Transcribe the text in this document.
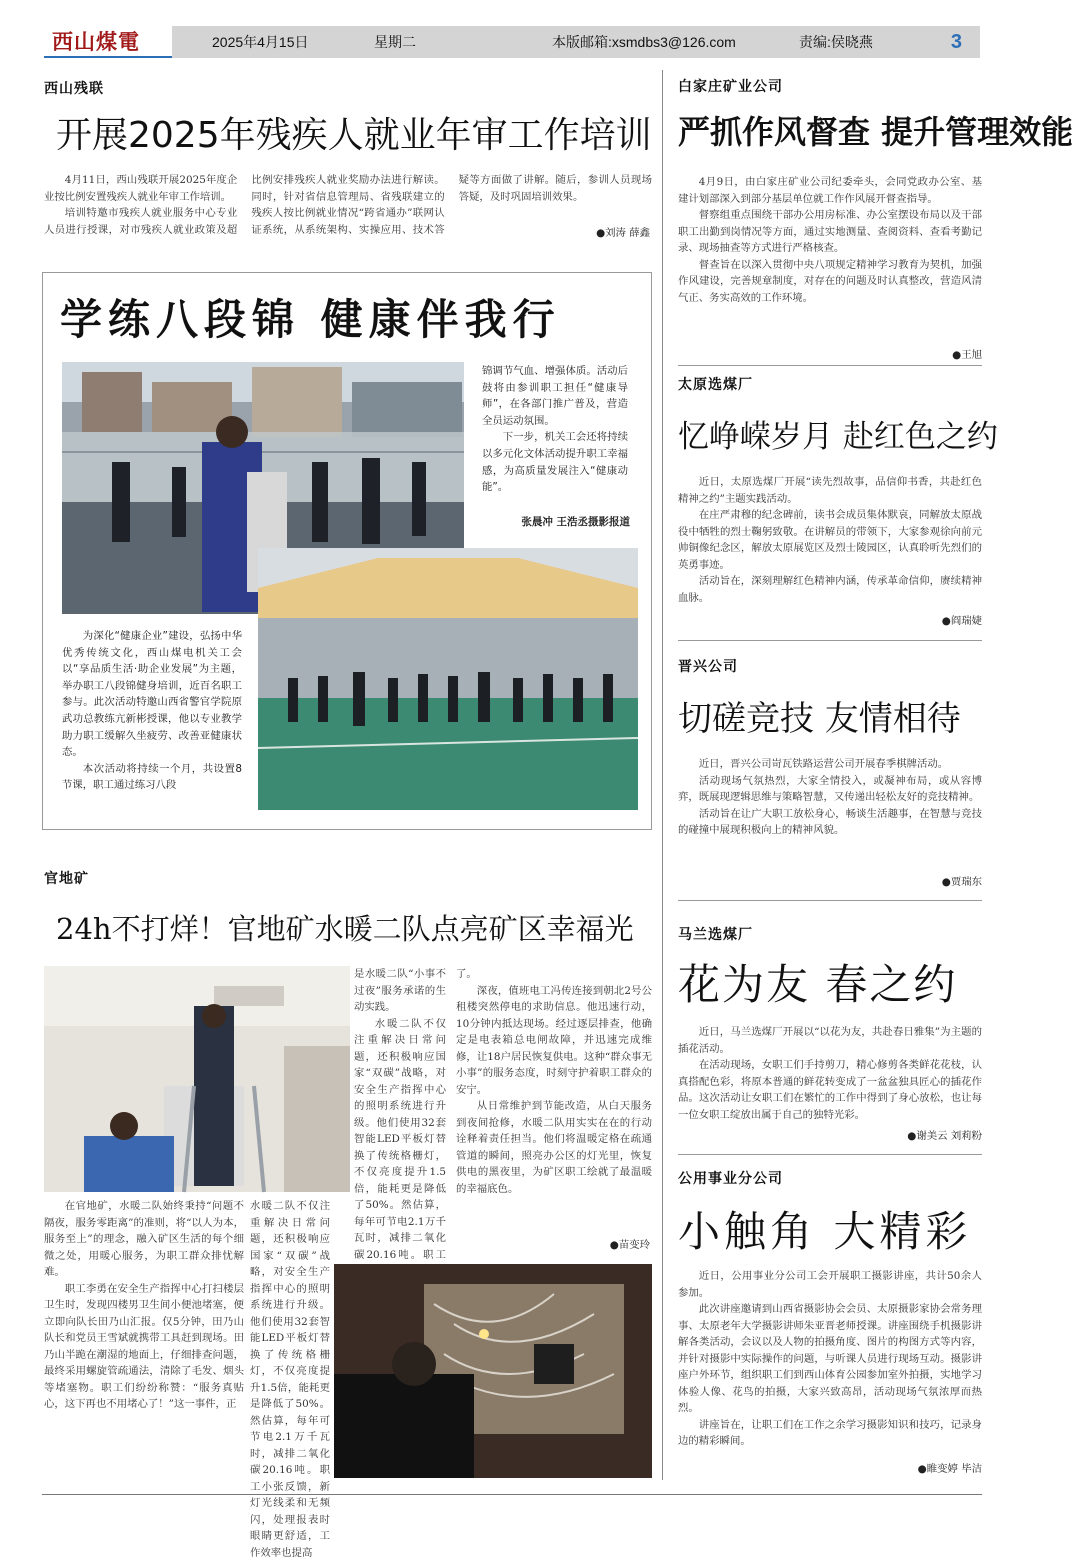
西山煤電	2025年4月15日	星期二	本版邮箱:xsmdbs3@126.com	责编:侯晓燕	3
西山残联
开展2025年残疾人就业年审工作培训

4月11日，西山残联开展2025年度企业按比例安置残疾人就业年审工作培训。

培训特邀市残疾人就业服务中心专业人员进行授课，对市残疾人就业政策及超比例安排残疾人就业奖励办法进行解读。同时，针对省信息管理局、省残联建立的残疾人按比例就业情况“跨省通办”联网认证系统，从系统架构、实操应用、技术答疑等方面做了讲解。随后，参训人员现场答疑，及时巩固培训效果。

●刘涛 薛鑫
学练八段锦 健康伴我行

锦调节气血、增强体质。活动后鼓将由参训职工担任“健康导师”，在各部门推广普及，营造全员运动氛围。

下一步，机关工会还将持续以多元化文体活动提升职工幸福感，为高质量发展注入“健康动能”。

张晨冲 王浩丞摄影报道

为深化“健康企业”建设，弘扬中华优秀传统文化，西山煤电机关工会以“享品质生活·助企业发展”为主题，举办职工八段锦健身培训，近百名职工参与。此次活动特邀山西省警官学院原武功总教练亢新彬授课，他以专业教学助力职工缓解久坐疲劳、改善亚健康状态。

本次活动将持续一个月，共设置8节课，职工通过练习八段

官地矿
24h不打烊！官地矿水暖二队点亮矿区幸福光

是水暖二队“小事不过夜”服务承诺的生动实践。

水暖二队不仅注重解决日常问题，还积极响应国家“双碳”战略，对安全生产指挥中心的照明系统进行升级。他们使用32套智能LED平板灯替换了传统格栅灯，不仅亮度提升1.5倍，能耗更是降低了50%。然估算，每年可节电2.1万千瓦时，减排二氧化碳20.16吨。职工

在官地矿，水暖二队始终秉持“问题不隔夜，服务零距离”的准则，将“以人为本，服务至上”的理念，融入矿区生活的每个细微之处，用暖心服务，为职工群众排忧解难。

职工李勇在安全生产指挥中心打扫楼层卫生时，发现四楼男卫生间小便池堵塞，便立即向队长田乃山汇报。仅5分钟，田乃山队长和党员王雪斌就携带工具赶到现场。田乃山半跪在潮湿的地面上，仔细排查问题，最终采用螺旋管疏通法，清除了毛发、烟头等堵塞物。职工们纷纷称赞：“服务真贴心，这下再也不用堵心了！”这一事件，正

水暖二队不仅注重解决日常问题，还积极响应国家“双碳”战略，对安全生产指挥中心的照明系统进行升级。他们使用32套智能LED平板灯替换了传统格栅灯，不仅亮度提升1.5倍，能耗更是降低了50%。然估算，每年可节电2.1万千瓦时，减排二氧化碳20.16吨。职工小张反馈，新灯光线柔和无频闪，处理报表时眼睛更舒适，工作效率也提高

了。

深夜，值班电工冯传连接到朝北2号公租楼突然停电的求助信息。他迅速行动，10分钟内抵达现场。经过逐层排查，他确定是电表箱总电闸故障，并迅速完成维修，让18户居民恢复供电。这种“群众事无小事”的服务态度，时刻守护着职工群众的安宁。

从日常维护到节能改造，从白天服务到夜间抢修，水暖二队用实实在在的行动诠释着责任担当。他们将温暖定格在疏通管道的瞬间，照亮办公区的灯光里，恢复供电的黑夜里，为矿区职工绘就了最温暖的幸福底色。

●苗变玲
白家庄矿业公司
严抓作风督查 提升管理效能

4月9日，由白家庄矿业公司纪委牵头，会同党政办公室、基建计划部深入到部分基层单位就工作作风展开督查指导。

督察组重点围绕干部办公用房标准、办公室摆设布局以及干部职工出勤到岗情况等方面，通过实地测量、查阅资料、查看考勤记录、现场抽查等方式进行严格核查。

督查旨在以深入贯彻中央八项规定精神学习教育为契机，加强作风建设，完善规章制度，对存在的问题及时认真整改，营造风清气正、务实高效的工作环境。

●王旭
太原选煤厂
忆峥嵘岁月 赴红色之约

近日，太原选煤厂开展“读先烈故事，品信仰书香，共赴红色精神之约”主题实践活动。

在庄严肃穆的纪念碑前，读书会成员集体默哀，同解放太原战役中牺牲的烈士鞠躬致敬。在讲解员的带领下，大家参观徐向前元帅铜像纪念区，解放太原展览区及烈士陵园区，认真聆听先烈们的英勇事迹。

活动旨在，深刻理解红色精神内涵，传承革命信仰，赓续精神血脉。

●阎瑞婕
晋兴公司
切磋竞技 友情相待

近日，晋兴公司岢瓦铁路运营公司开展春季棋牌活动。

活动现场气氛热烈，大家全情投入，或凝神布局，或从容博弈，既展现逻辑思维与策略智慧，又传递出轻松友好的竞技精神。

活动旨在让广大职工放松身心，畅谈生活趣事，在智慧与竞技的碰撞中展现积极向上的精神风貌。

●贾瑞东
马兰选煤厂
花为友 春之约

近日，马兰选煤厂开展以“以花为友，共赴春日雅集”为主题的插花活动。

在活动现场，女职工们手持剪刀，精心修剪各类鲜花花枝，认真搭配色彩，将原本普通的鲜花转变成了一盆盆独具匠心的插花作品。这次活动让女职工们在繁忙的工作中得到了身心放松，也让每一位女职工绽放出属于自己的独特光彩。

●谢美云 刘莉粉
公用事业分公司
小触角 大精彩

近日，公用事业分公司工会开展职工摄影讲座，共计50余人参加。

此次讲座邀请到山西省摄影协会会员、太原摄影家协会常务理事、太原老年大学摄影讲师朱亚晋老师授课。讲座围绕手机摄影讲解各类活动，会议以及人物的拍摄角度、图片的构图方式等内容，并针对摄影中实际操作的问题，与听课人员进行现场互动。摄影讲座户外环节，组织职工们到西山体育公园参加室外拍摄，实地学习体验人像、花鸟的拍摄，大家兴致高昂，活动现场气氛浓厚而热烈。

讲座旨在，让职工们在工作之余学习摄影知识和技巧，记录身边的精彩瞬间。

●睢变婷 毕洁
